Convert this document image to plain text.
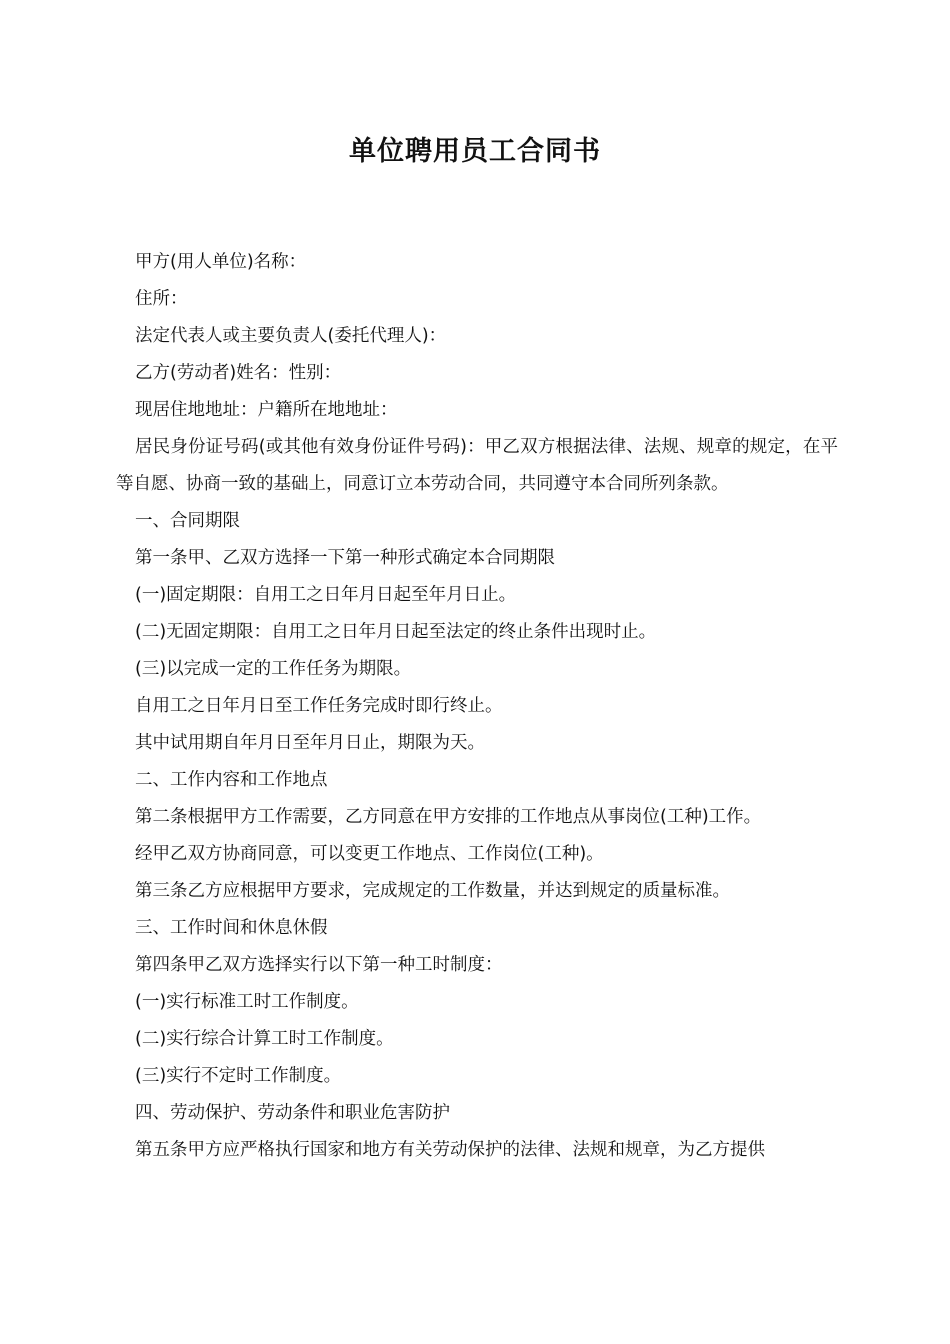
单位聘用员工合同书

甲方(用人单位)名称：

住所：

法定代表人或主要负责人(委托代理人)：

乙方(劳动者)姓名：性别：

现居住地地址：户籍所在地地址：

居民身份证号码(或其他有效身份证件号码)：甲乙双方根据法律、法规、规章的规定，在平等自愿、协商一致的基础上，同意订立本劳动合同，共同遵守本合同所列条款。

一、合同期限

第一条甲、乙双方选择一下第一种形式确定本合同期限

(一)固定期限：自用工之日年月日起至年月日止。

(二)无固定期限：自用工之日年月日起至法定的终止条件出现时止。

(三)以完成一定的工作任务为期限。

自用工之日年月日至工作任务完成时即行终止。

其中试用期自年月日至年月日止，期限为天。

二、工作内容和工作地点

第二条根据甲方工作需要，乙方同意在甲方安排的工作地点从事岗位(工种)工作。

经甲乙双方协商同意，可以变更工作地点、工作岗位(工种)。

第三条乙方应根据甲方要求，完成规定的工作数量，并达到规定的质量标准。

三、工作时间和休息休假

第四条甲乙双方选择实行以下第一种工时制度：

(一)实行标准工时工作制度。

(二)实行综合计算工时工作制度。

(三)实行不定时工作制度。

四、劳动保护、劳动条件和职业危害防护

第五条甲方应严格执行国家和地方有关劳动保护的法律、法规和规章，为乙方提供
